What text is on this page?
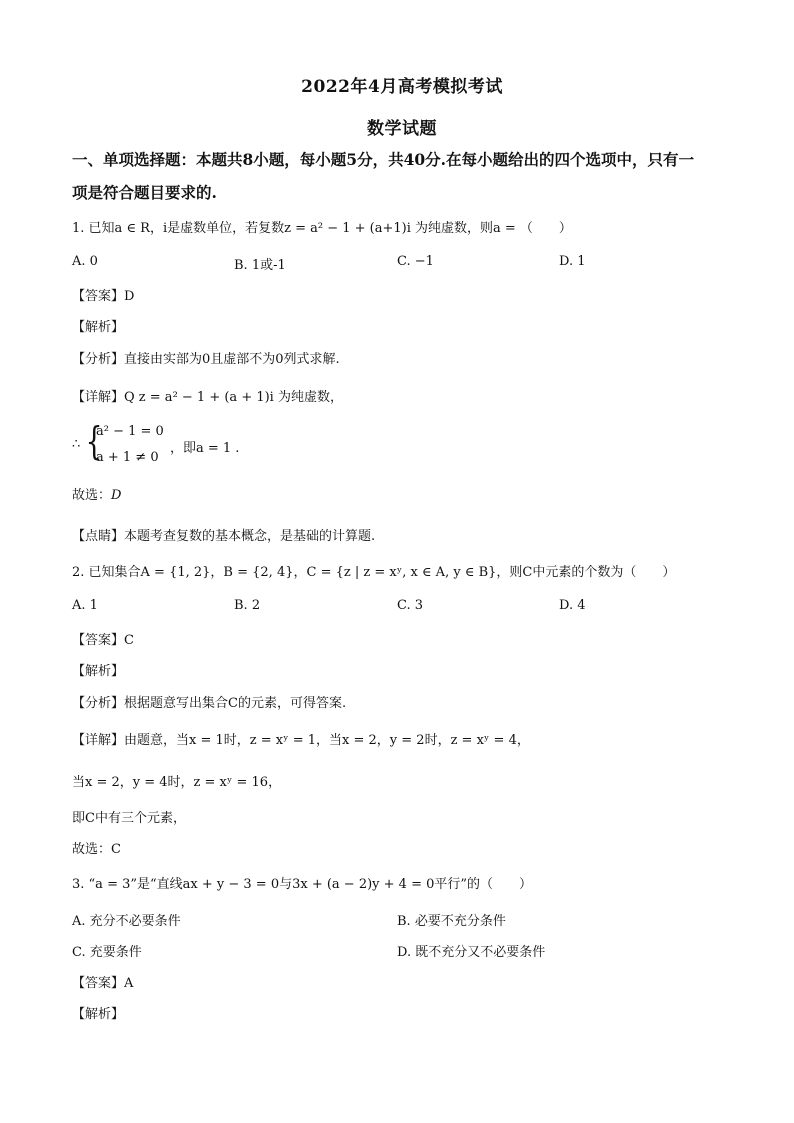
2022年4月高考模拟考试
数学试题
一、单项选择题：本题共8小题，每小题5分，共40分.在每小题给出的四个选项中，只有一
项是符合题目要求的.
1. 已知a ∈ R，i是虚数单位，若复数z = a² − 1 + (a+1)i 为纯虚数，则a = （　　）
A. 0	B. 1或-1	C. −1	D. 1
【答案】D
【解析】
【分析】直接由实部为0且虚部不为0列式求解.
【详解】Q z = a² − 1 + (a + 1)i 为纯虚数，
∴ {
a² − 1 = 0
a + 1 ≠ 0
，即a = 1 .
故选：D
【点睛】本题考查复数的基本概念，是基础的计算题.
2. 已知集合A = {1, 2}，B = {2, 4}，C = {z | z = xʸ, x ∈ A, y ∈ B}，则C中元素的个数为（　　）
A. 1	B. 2	C. 3	D. 4
【答案】C
【解析】
【分析】根据题意写出集合C的元素，可得答案.
【详解】由题意，当x = 1时，z = xʸ = 1，当x = 2，y = 2时，z = xʸ = 4，
当x = 2，y = 4时，z = xʸ = 16，
即C中有三个元素，
故选：C
3. “a = 3”是“直线ax + y − 3 = 0与3x + (a − 2)y + 4 = 0平行”的（　　）
A. 充分不必要条件	B. 必要不充分条件
C. 充要条件	D. 既不充分又不必要条件
【答案】A
【解析】
